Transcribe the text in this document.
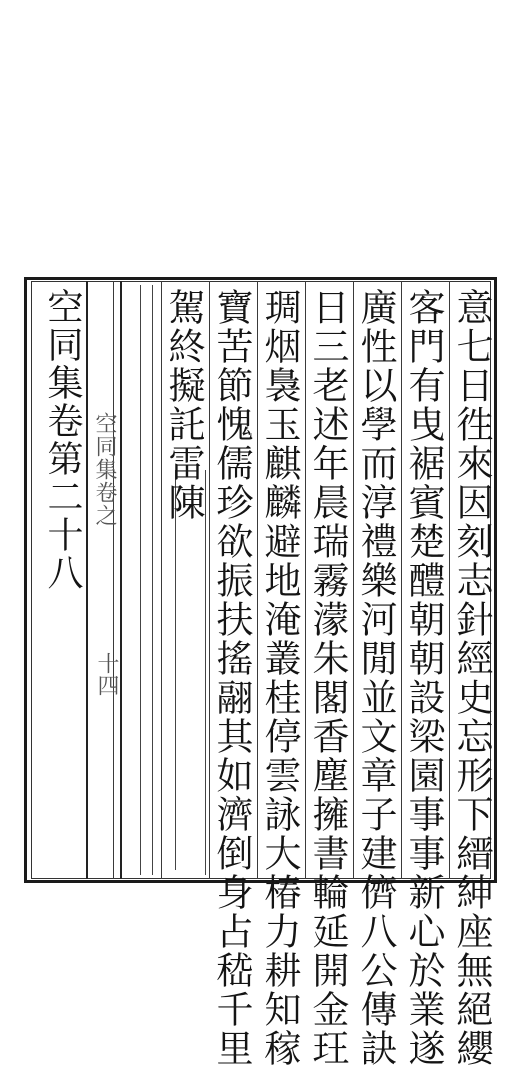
意七日徃來因刻志針經史忘形下縉紳座無絕纓
客門有曳裾賓楚醴朝朝設梁園事事新心於業遂
廣性以學而淳禮樂河閒並文章子建儕八公傳訣
日三老述年晨瑞霧濛朱閣香塵擁書輪延開金玨
琱烟裊玉麒麟避地淹叢桂停雲詠大椿力耕知稼
寶苦節愧儒珍欲振扶搖翮其如濟倒身占嵇千里
駕終擬託雷陳
空同集卷之
十四
空同集卷第二十八
